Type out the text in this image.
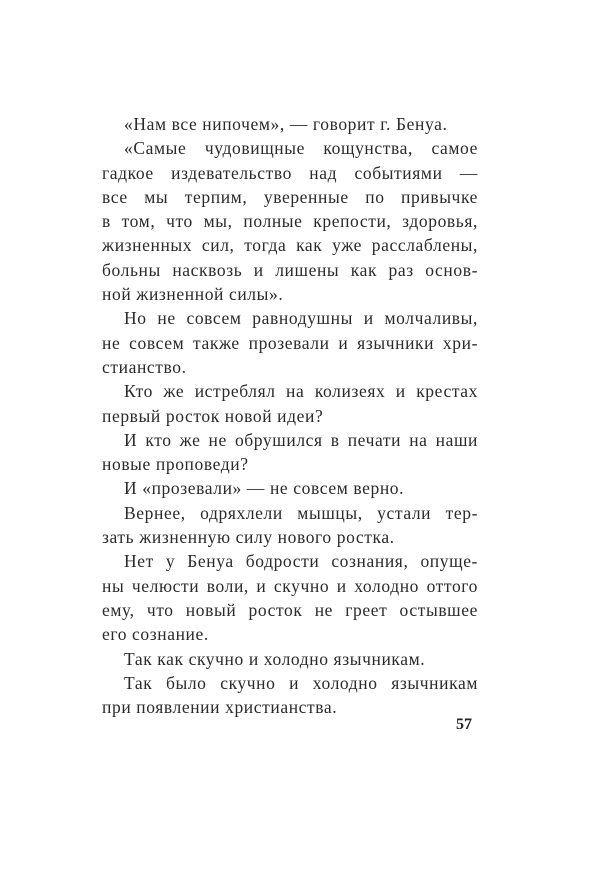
«Нам все нипочем», — говорит г. Бенуа.
«Самые чудовищные кощунства, самое
гадкое издевательство над событиями —
все мы терпим, уверенные по привычке
в том, что мы, полные крепости, здоровья,
жизненных сил, тогда как уже расслаблены,
больны насквозь и лишены как раз основ-
ной жизненной силы».
Но не совсем равнодушны и молчаливы,
не совсем также прозевали и язычники хри-
стианство.
Кто же истреблял на колизеях и крестах
первый росток новой идеи?
И кто же не обрушился в печати на наши
новые проповеди?
И «прозевали» — не совсем верно.
Вернее, одряхлели мышцы, устали тер-
зать жизненную силу нового ростка.
Нет у Бенуа бодрости сознания, опуще-
ны челюсти воли, и скучно и холодно оттого
ему, что новый росток не греет остывшее
его сознание.
Так как скучно и холодно язычникам.
Так было скучно и холодно язычникам
при появлении христианства.
57
